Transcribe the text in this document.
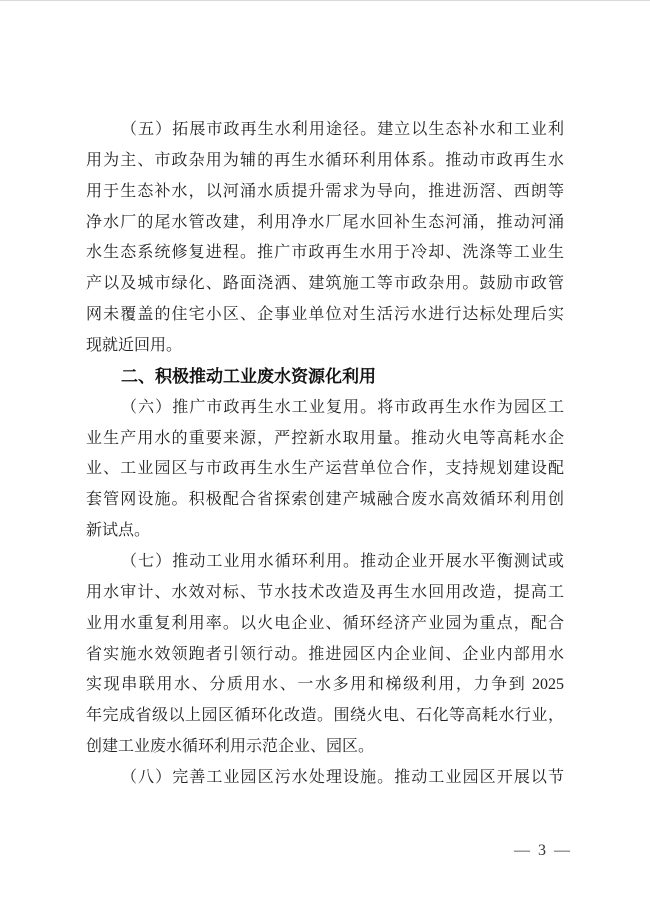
（五）拓展市政再生水利用途径。建立以生态补水和工业利
用为主、市政杂用为辅的再生水循环利用体系。推动市政再生水
用于生态补水，以河涌水质提升需求为导向，推进沥滘、西朗等
净水厂的尾水管改建，利用净水厂尾水回补生态河涌，推动河涌
水生态系统修复进程。推广市政再生水用于冷却、洗涤等工业生
产以及城市绿化、路面浇洒、建筑施工等市政杂用。鼓励市政管
网未覆盖的住宅小区、企事业单位对生活污水进行达标处理后实
现就近回用。
二、积极推动工业废水资源化利用
（六）推广市政再生水工业复用。将市政再生水作为园区工
业生产用水的重要来源，严控新水取用量。推动火电等高耗水企
业、工业园区与市政再生水生产运营单位合作，支持规划建设配
套管网设施。积极配合省探索创建产城融合废水高效循环利用创
新试点。
（七）推动工业用水循环利用。推动企业开展水平衡测试或
用水审计、水效对标、节水技术改造及再生水回用改造，提高工
业用水重复利用率。以火电企业、循环经济产业园为重点，配合
省实施水效领跑者引领行动。推进园区内企业间、企业内部用水
实现串联用水、分质用水、一水多用和梯级利用，力争到 2025
年完成省级以上园区循环化改造。围绕火电、石化等高耗水行业，
创建工业废水循环利用示范企业、园区。
（八）完善工业园区污水处理设施。推动工业园区开展以节
— 3 —
